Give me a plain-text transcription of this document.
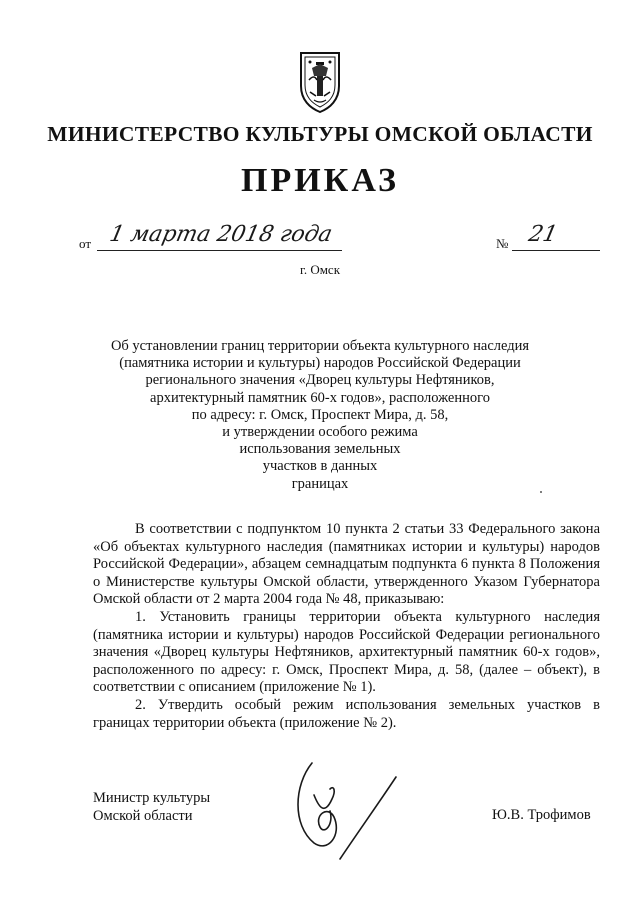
МИНИСТЕРСТВО КУЛЬТУРЫ ОМСКОЙ ОБЛАСТИ
ПРИКАЗ
от 1 марта 2018 года	№ 21
г. Омск
Об установлении границ территории объекта культурного наследия
(памятника истории и культуры) народов Российской Федерации
регионального значения «Дворец культуры Нефтяников,
архитектурный памятник 60-х годов», расположенного
по адресу: г. Омск, Проспект Мира, д. 58,
и утверждении особого режима
использования земельных
участков в данных
границах

В соответствии с подпунктом 10 пункта 2 статьи 33 Федерального закона «Об объектах культурного наследия (памятниках истории и культуры) народов Российской Федерации», абзацем семнадцатым подпункта 6 пункта 8 Положения о Министерстве культуры Омской области, утвержденного Указом Губернатора Омской области от 2 марта 2004 года № 48, приказываю:

1. Установить границы территории объекта культурного наследия (памятника истории и культуры) народов Российской Федерации регионального значения «Дворец культуры Нефтяников, архитектурный памятник 60-х годов», расположенного по адресу: г. Омск, Проспект Мира, д. 58, (далее – объект), в соответствии с описанием (приложение № 1).

2. Утвердить особый режим использования земельных участков в границах территории объекта (приложение № 2).

Министр культуры
Омской области	Ю.В. Трофимов
